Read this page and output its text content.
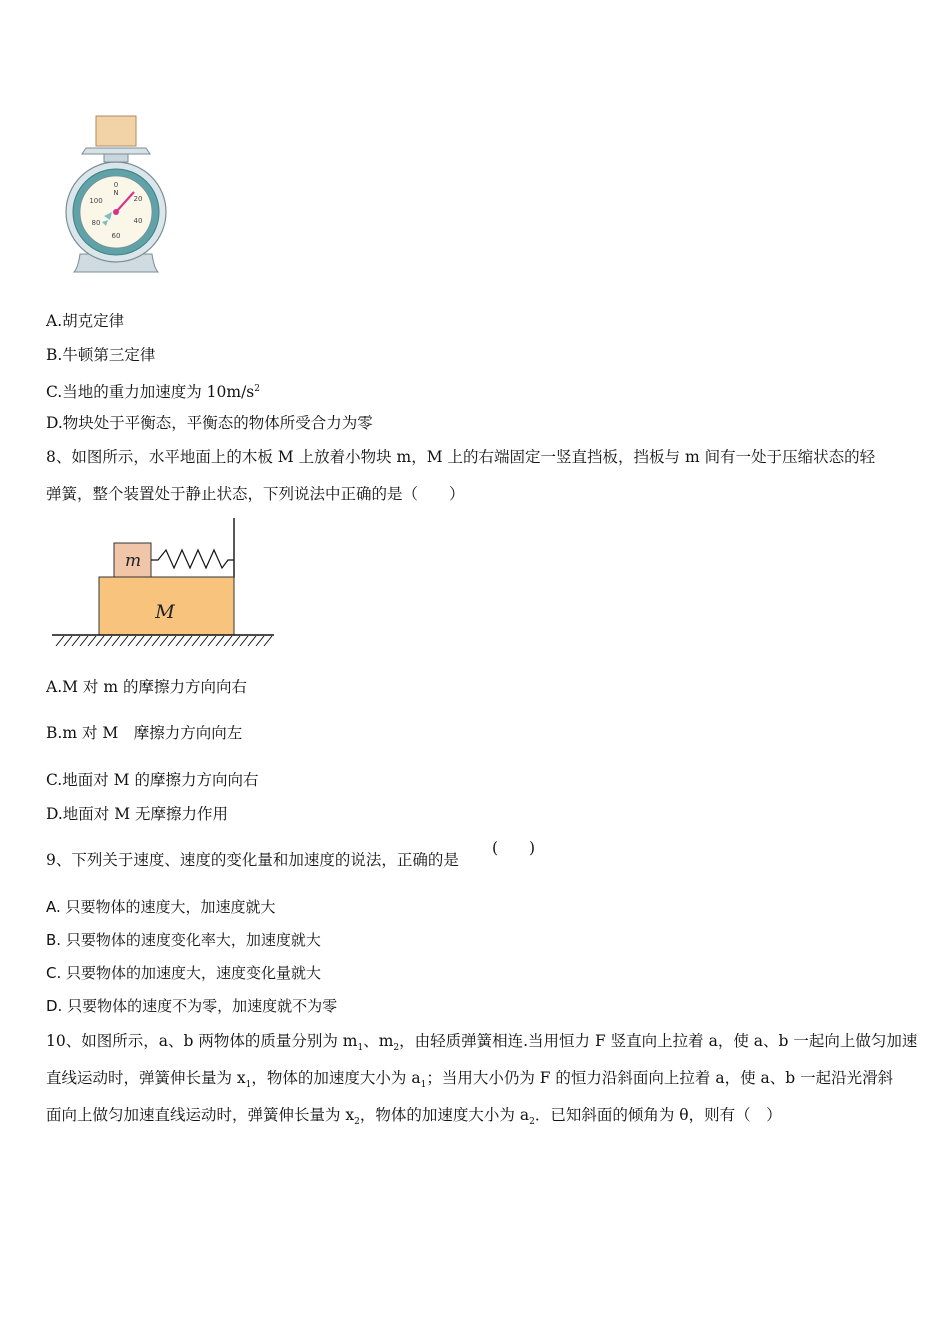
0
N
100	20
80	40
60
A.胡克定律
B.牛顿第三定律
C.当地的重力加速度为 $10m/s^2$
D.物块处于平衡态，平衡态的物体所受合力为零
8、如图所示，水平地面上的木板 M 上放着小物块 m，M 上的右端固定一竖直挡板，挡板与 m 间有一处于压缩状态的轻
弹簧，整个装置处于静止状态，下列说法中正确的是（　　）
m
M
A.M 对 m 的摩擦力方向向右
B.m 对 M　摩擦力方向向左
C.地面对 M 的摩擦力方向向右
D.地面对 M 无摩擦力作用
9、下列关于速度、速度的变化量和加速度的说法，正确的是
(　　)
A. 只要物体的速度大，加速度就大
B. 只要物体的速度变化率大，加速度就大
C. 只要物体的加速度大，速度变化量就大
D. 只要物体的速度不为零，加速度就不为零
10、如图所示，a、b 两物体的质量分别为 $m_1$、$m_2$，由轻质弹簧相连.当用恒力 F 竖直向上拉着 a，使 a、b 一起向上做匀加速
直线运动时，弹簧伸长量为 $x_1$，物体的加速度大小为 $a_1$；当用大小仍为 F 的恒力沿斜面向上拉着 a，使 a、b 一起沿光滑斜
面向上做匀加速直线运动时，弹簧伸长量为 $x_2$，物体的加速度大小为 $a_2$．已知斜面的倾角为 θ，则有（　）
